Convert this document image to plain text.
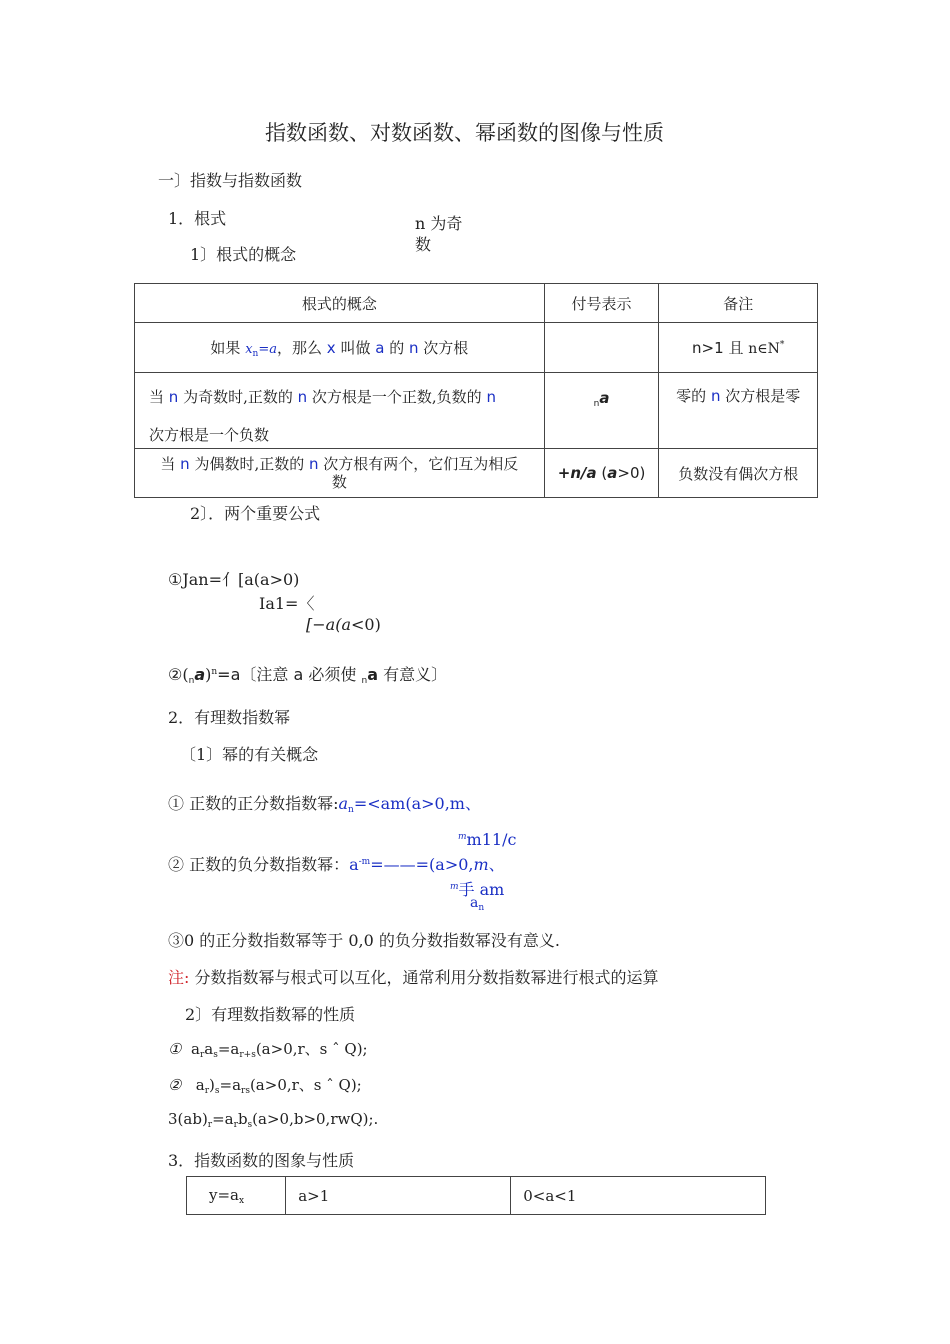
指数函数、对数函数、幂函数的图像与性质
一〕指数与指数函数
1．根式
1〕根式的概念
n 为奇
数
根式的概念	付号表示	备注
如果 $x_n=a$，那么 x 叫做 a 的 n 次方根		n>1 且 n∈N*

当 n 为奇数时,正数的 n 次方根是一个正数,负数的 n
次方根是一个负数	$_n$a	零的 n 次方根是零

当 n 为偶数时,正数的 n 次方根有两个，它们互为相反
数	+n/a (a>0)	负数没有偶次方根
2〕．两个重要公式
①Jan=亻[a(a>0)
Ia1=〈
[−a(a<0)
$②(_na)^n=a$〔注意 a 必须使 $_n$a 有意义〕
2．有理数指数幂
〔1〕幂的有关概念
① 正数的正分数指数幂$:a_n=<am(a>0,m$、
$^m$m11/c
② 正数的负分数指数幂：$a^{-m}=——=(a>0,m$、
$^m$手 am
$a_n$
③0 的正分数指数幂等于 0,0 的负分数指数幂没有意义.
注: 分数指数幂与根式可以互化，通常利用分数指数幂进行根式的运算
2〕有理数指数幂的性质
① $a_ra_s=a_{r+s}(a>0,r$、s ˆ Q);
② $a_r)_s=a_{rs}(a>0,r$、s ˆ Q);
$3(ab)_r=a_rb_s(a>0,b>0,rwQ)$;.
3．指数函数的图象与性质
$y=a_x$	a>1	0<a<1
